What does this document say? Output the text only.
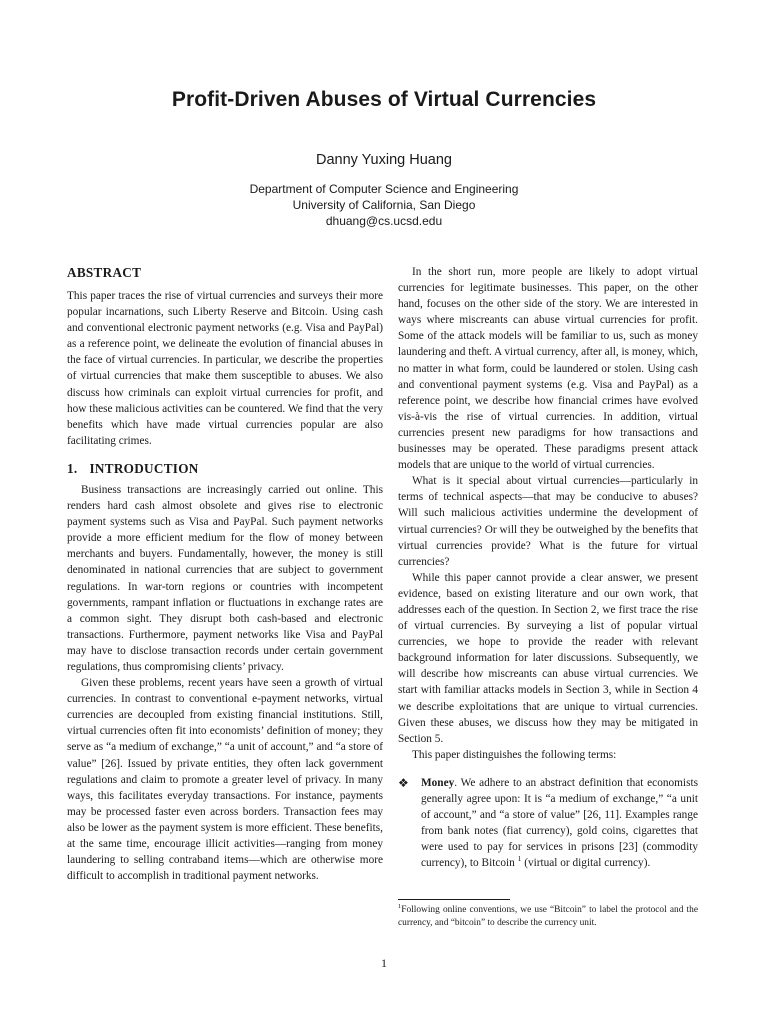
Profit-Driven Abuses of Virtual Currencies
Danny Yuxing Huang
Department of Computer Science and Engineering
University of California, San Diego
dhuang@cs.ucsd.edu
ABSTRACT

This paper traces the rise of virtual currencies and surveys their more popular incarnations, such Liberty Reserve and Bitcoin. Using cash and conventional electronic payment networks (e.g. Visa and PayPal) as a reference point, we delineate the evolution of financial abuses in the face of virtual currencies. In particular, we describe the properties of virtual currencies that make them susceptible to abuses. We also discuss how criminals can exploit virtual currencies for profit, and how these malicious activities can be countered. We find that the very benefits which have made virtual currencies popular are also facilitating crimes.

1. INTRODUCTION

Business transactions are increasingly carried out online. This renders hard cash almost obsolete and gives rise to electronic payment systems such as Visa and PayPal. Such payment networks provide a more efficient medium for the flow of money between merchants and buyers. Fundamentally, however, the money is still denominated in national currencies that are subject to government regulations. In war-torn regions or countries with incompetent governments, rampant inflation or fluctuations in exchange rates are a common sight. They disrupt both cash-based and electronic transactions. Furthermore, payment networks like Visa and PayPal may have to disclose transaction records under certain government regulations, thus compromising clients’ privacy.

Given these problems, recent years have seen a growth of virtual currencies. In contrast to conventional e-payment networks, virtual currencies are decoupled from existing financial institutions. Still, virtual currencies often fit into economists’ definition of money; they serve as “a medium of exchange,” “a unit of account,” and “a store of value” [26]. Issued by private entities, they often lack government regulations and claim to promote a greater level of privacy. In many ways, this facilitates everyday transactions. For instance, payments may be processed faster even across borders. Transaction fees may also be lower as the payment system is more efficient. These benefits, at the same time, encourage illicit activities—ranging from money laundering to selling contraband items—which are otherwise more difficult to accomplish in traditional payment networks.

In the short run, more people are likely to adopt virtual currencies for legitimate businesses. This paper, on the other hand, focuses on the other side of the story. We are interested in ways where miscreants can abuse virtual currencies for profit. Some of the attack models will be familiar to us, such as money laundering and theft. A virtual currency, after all, is money, which, no matter in what form, could be laundered or stolen. Using cash and conventional payment systems (e.g. Visa and PayPal) as a reference point, we describe how financial crimes have evolved vis-à-vis the rise of virtual currencies. In addition, virtual currencies present new paradigms for how transactions and businesses may be operated. These paradigms present attack models that are unique to the world of virtual currencies.

What is it special about virtual currencies—particularly in terms of technical aspects—that may be conducive to abuses? Will such malicious activities undermine the development of virtual currencies? Or will they be outweighed by the benefits that virtual currencies provide? What is the future for virtual currencies?

While this paper cannot provide a clear answer, we present evidence, based on existing literature and our own work, that addresses each of the question. In Section 2, we first trace the rise of virtual currencies. By surveying a list of popular virtual currencies, we hope to provide the reader with relevant background information for later discussions. Subsequently, we will describe how miscreants can abuse virtual currencies. We start with familiar attacks models in Section 3, while in Section 4 we describe exploitations that are unique to virtual currencies. Given these abuses, we discuss how they may be mitigated in Section 5.

This paper distinguishes the following terms:

❖ Money. We adhere to an abstract definition that economists generally agree upon: It is “a medium of exchange,” “a unit of account,” and “a store of value” [26, 11]. Examples range from bank notes (fiat currency), gold coins, cigarettes that were used to pay for services in prisons [23] (commodity currency), to Bitcoin $^1$ (virtual or digital currency).
$^1$Following online conventions, we use “Bitcoin” to label the protocol and the currency, and “bitcoin” to describe the currency unit.
1
